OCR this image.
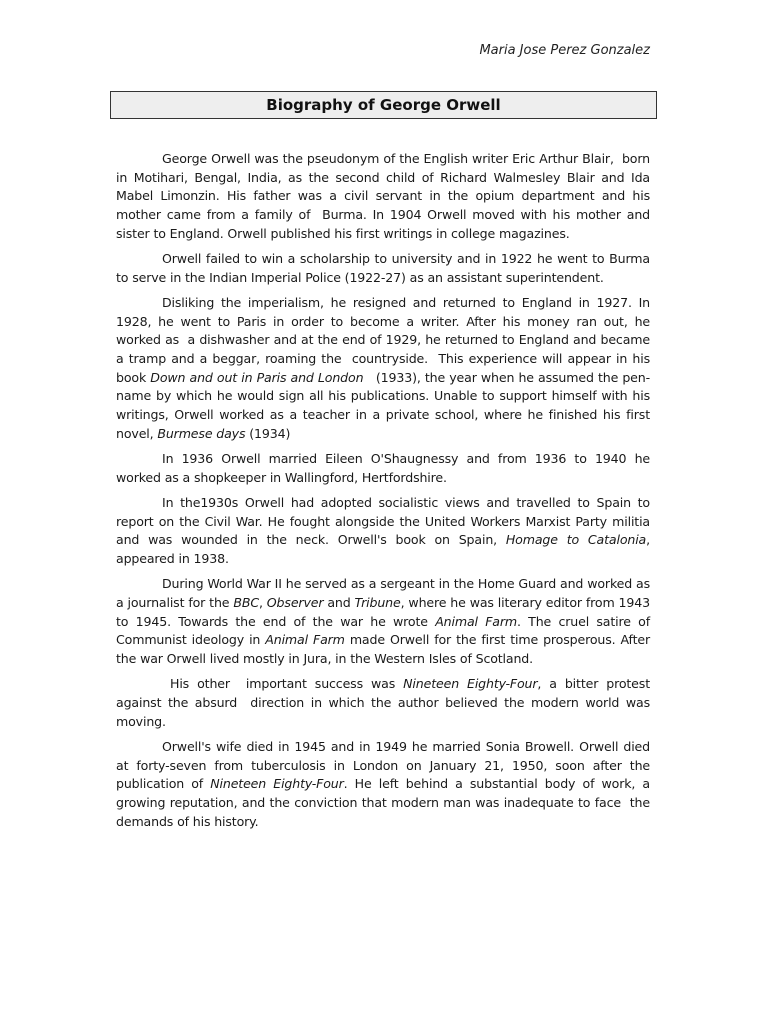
Maria Jose Perez Gonzalez
Biography of George Orwell

George Orwell was the pseudonym of the English writer Eric Arthur Blair,  born in Motihari, Bengal, India, as the second child of Richard Walmesley Blair and Ida Mabel Limonzin. His father was a civil servant in the opium department and his mother came from a family of  Burma. In 1904 Orwell moved with his mother and sister to England. Orwell published his first writings in college magazines.

Orwell failed to win a scholarship to university and in 1922 he went to Burma to serve in the Indian Imperial Police (1922-27) as an assistant superintendent.

Disliking the imperialism, he resigned and returned to England in 1927. In 1928, he went to Paris in order to become a writer. After his money ran out, he worked as  a dishwasher and at the end of 1929, he returned to England and became a tramp and a beggar, roaming the  countryside.  This experience will appear in his book Down and out in Paris and London   (1933), the year when he assumed the pen-name by which he would sign all his publications. Unable to support himself with his writings, Orwell worked as a teacher in a private school, where he finished his first novel, Burmese days (1934)

In 1936 Orwell married Eileen O'Shaugnessy and from 1936 to 1940 he worked as a shopkeeper in Wallingford, Hertfordshire.

In the1930s Orwell had adopted socialistic views and travelled to Spain to report on the Civil War. He fought alongside the United Workers Marxist Party militia and was wounded in the neck. Orwell's book on Spain, Homage to Catalonia, appeared in 1938.

During World War II he served as a sergeant in the Home Guard and worked as a journalist for the BBC, Observer and Tribune, where he was literary editor from 1943 to 1945. Towards the end of the war he wrote Animal Farm. The cruel satire of Communist ideology in Animal Farm made Orwell for the first time prosperous. After the war Orwell lived mostly in Jura, in the Western Isles of Scotland.

His other  important success was Nineteen Eighty-Four, a bitter protest against the absurd  direction in which the author believed the modern world was moving.

Orwell's wife died in 1945 and in 1949 he married Sonia Browell. Orwell died at forty-seven from tuberculosis in London on January 21, 1950, soon after the publication of Nineteen Eighty-Four. He left behind a substantial body of work, a growing reputation, and the conviction that modern man was inadequate to face  the demands of his history.
